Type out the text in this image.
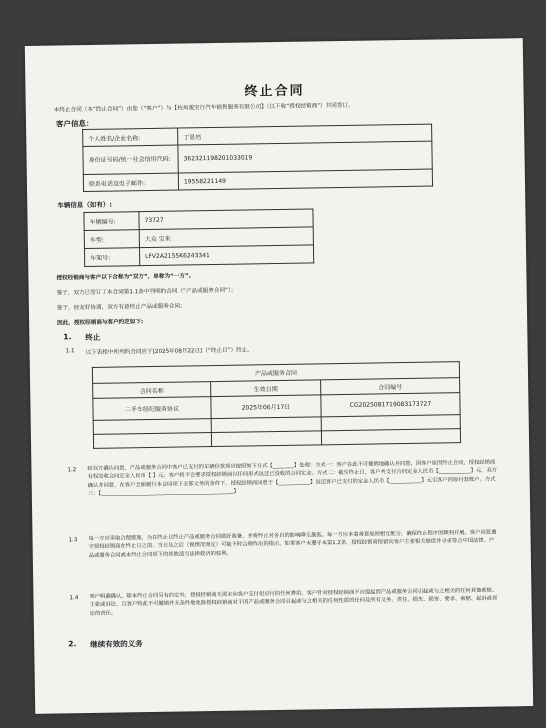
终止合同
本终止合同（本“终止合同”）由您（“客户”）与【杭州骏宝行汽车销售服务有限公司】（以下称“授权经销商”）共同签订。
客户信息：
个人姓名/企业名称:	丁显培
身份证号码/统一社会信用代码:	362321198201033019
联系电话及电子邮件:	19558221149
车辆信息（如有）:
车辆编号:	73727
车型:	大众 宝来
车架号:	LFV2A2155K6243341
授权经销商与客户以下合称为“双方”，单称为“一方”。
鉴于，双方已签订了本合同第1.1条中列明的合同（“产品或服务合同”）；
鉴于，经友好协商，双方有意终止产品或服务合同；
因此，授权经销商与客户约定如下:
1. 终止
1.1 以下表格中所列的合同应于[2025年08月22日]（“终止日”）终止。
产品或服务合同		
合同名称	生效日期	合同编号
二手车经纪服务协议	2025年06月17日	CG2025081719083173727

1.2 经双方确认同意，产品或服务合同中客户已支付的车辆价款项应按照如下方式【________】处理：方式一：客户在此不可撤销地确认并同意，因客户原因终止合同，授权经销商有权没收合同定金人民币【 】元。客户将不会要求授权经销商以任何形式返还已没收的合同定金。方式二：截至终止日，客户共支付合同定金人民币【____________】元，双方确认并同意，在客户全面履行本合同项下全部义务的条件下，授权经销商同意于【____________】返还客户已支付的定金人民币【____________】元至客户的原付款账户。方式三：【__________________________________________________】
1.3 每一方应采取合理措施，为在终止日终止产品或服务合同做好准备，并将终止对各自的影响降至最低。每一方应本着善意原则相互配合，确保终止程序的顺利开展。客户同意遵守授权经销商在终止日之前、当日及之后（视情况而定）可能不时合理作出的指示。如果客户未遵守本第1.2条，授权经销商保留向客户主张相关赔偿并寻求符合中国法律、产品或服务合同或本终止合同项下的其他适当法律救济的权利。
1.4 客户明确确认，除本终止合同另有约定外，授权经销商无需未向客户支付但应付的任何费用，客户针对授权经销商不应提起因产品或服务合同引起或与之相关的任何其他索赔、主张或诉讼，且客户特此不可撤销并无条件地免除授权经销商对于因产品或服务合同引起或与之相关的任何性质的任何及所有义务、责任、损失、损害、要求、索赔、起诉或诉讼的责任。
2. 继续有效的义务
